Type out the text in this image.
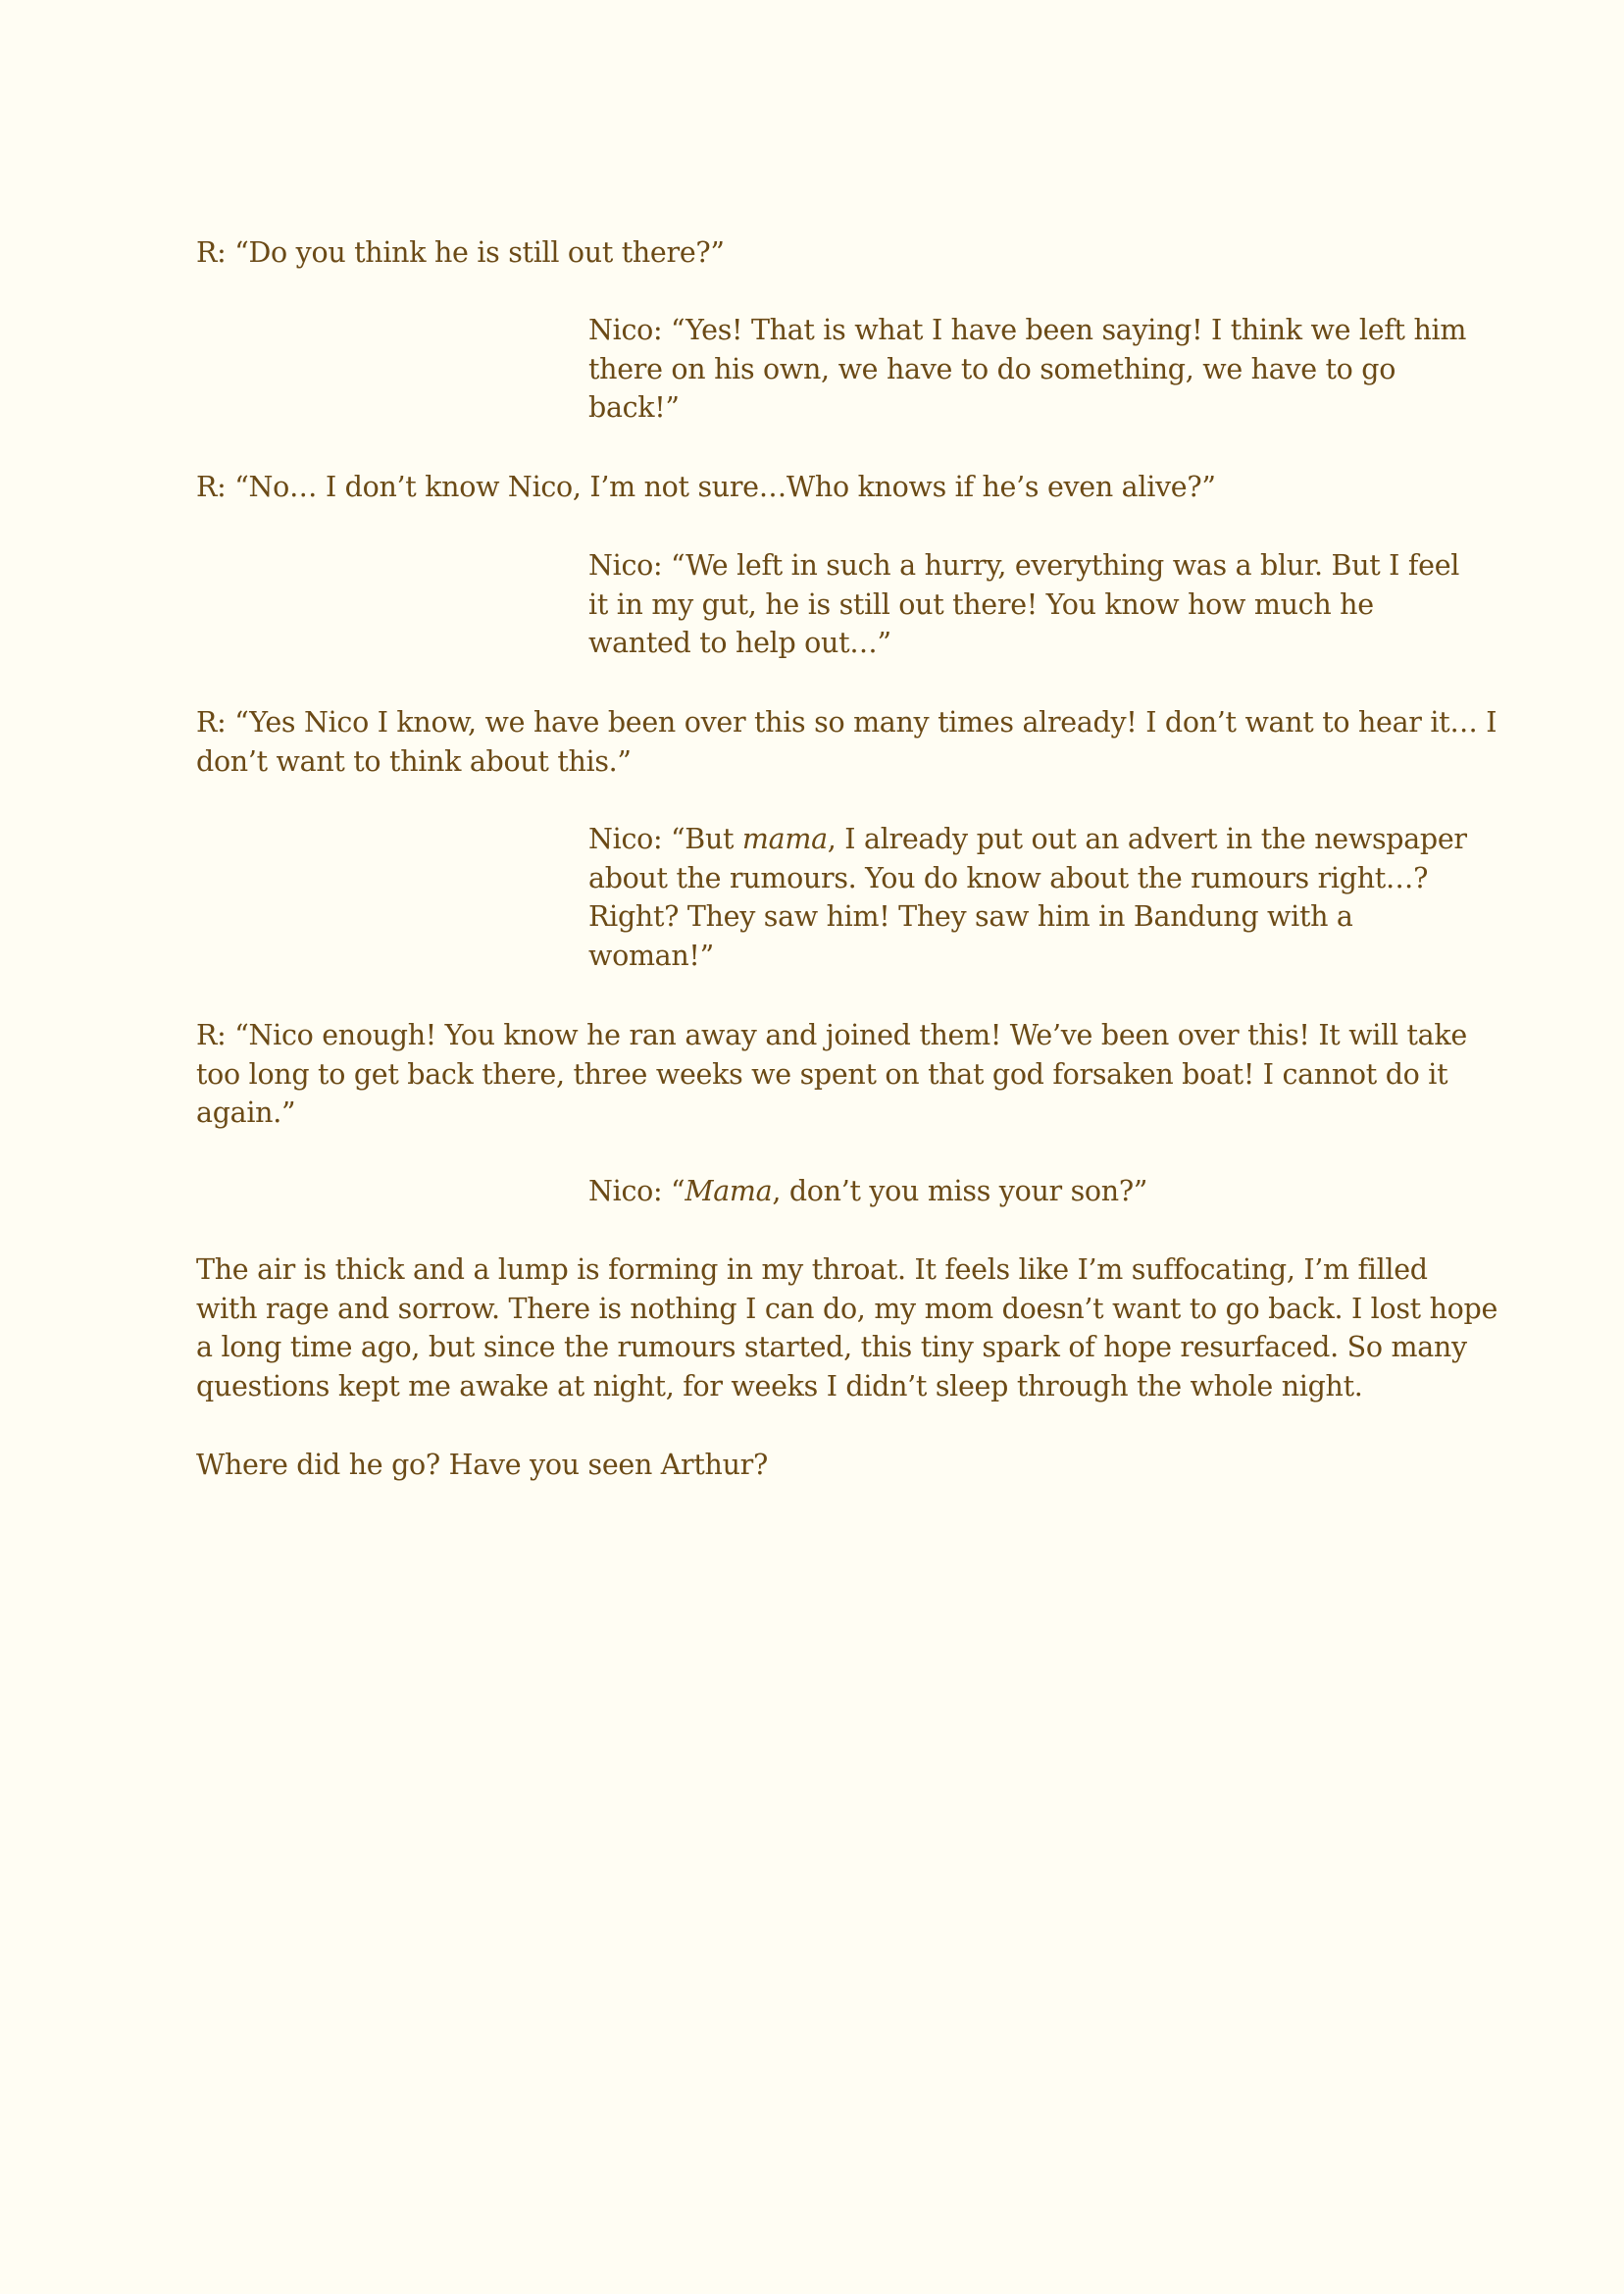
R: “Do you think he is still out there?”
Nico: “Yes! That is what I have been saying! I think we left him
there on his own, we have to do something, we have to go
back!”
R: “No… I don’t know Nico, I’m not sure…Who knows if he’s even alive?”
Nico: “We left in such a hurry, everything was a blur. But I feel
it in my gut, he is still out there! You know how much he
wanted to help out…”
R: “Yes Nico I know, we have been over this so many times already! I don’t want to hear it… I
don’t want to think about this.”
Nico: “But mama, I already put out an advert in the newspaper
about the rumours. You do know about the rumours right…?
Right? They saw him! They saw him in Bandung with a
woman!”
R: “Nico enough! You know he ran away and joined them! We’ve been over this! It will take
too long to get back there, three weeks we spent on that god forsaken boat! I cannot do it
again.”
Nico: “Mama, don’t you miss your son?”
The air is thick and a lump is forming in my throat. It feels like I’m suffocating, I’m filled
with rage and sorrow. There is nothing I can do, my mom doesn’t want to go back. I lost hope
a long time ago, but since the rumours started, this tiny spark of hope resurfaced. So many
questions kept me awake at night, for weeks I didn’t sleep through the whole night.
Where did he go? Have you seen Arthur?
